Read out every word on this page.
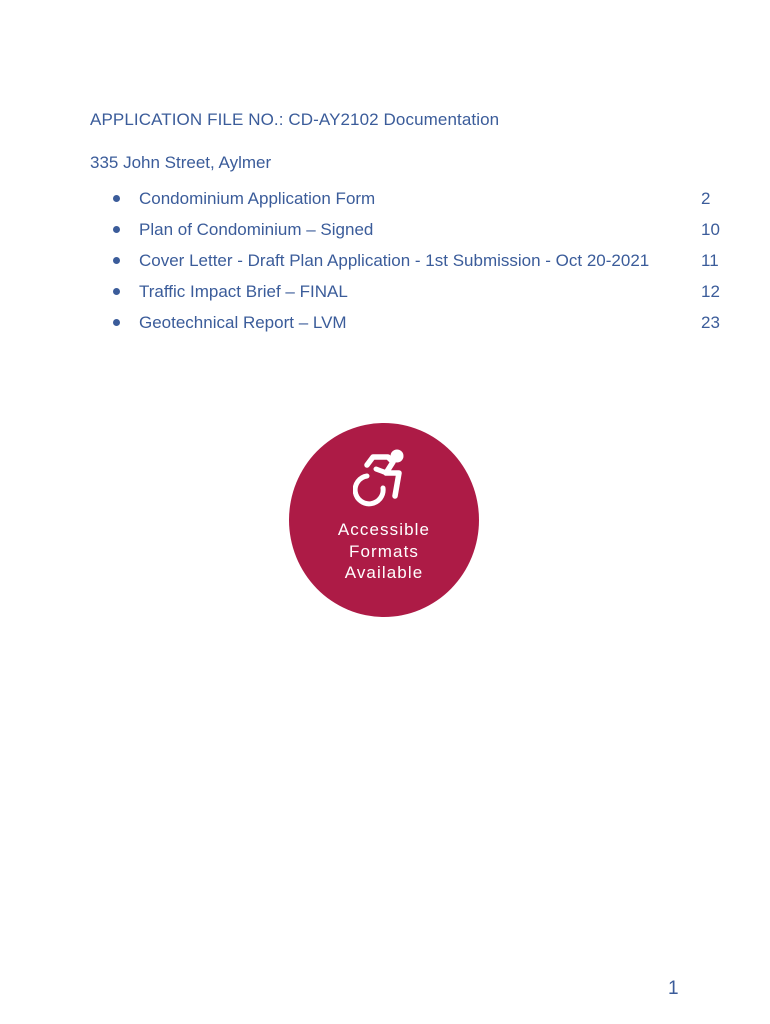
APPLICATION FILE NO.: CD-AY2102 Documentation
335 John Street, Aylmer
Condominium Application Form	2
Plan of Condominium – Signed	10
Cover Letter - Draft Plan Application - 1st Submission - Oct 20-2021	11
Traffic Impact Brief – FINAL	12
Geotechnical Report – LVM	23
Accessible
Formats
Available
1
